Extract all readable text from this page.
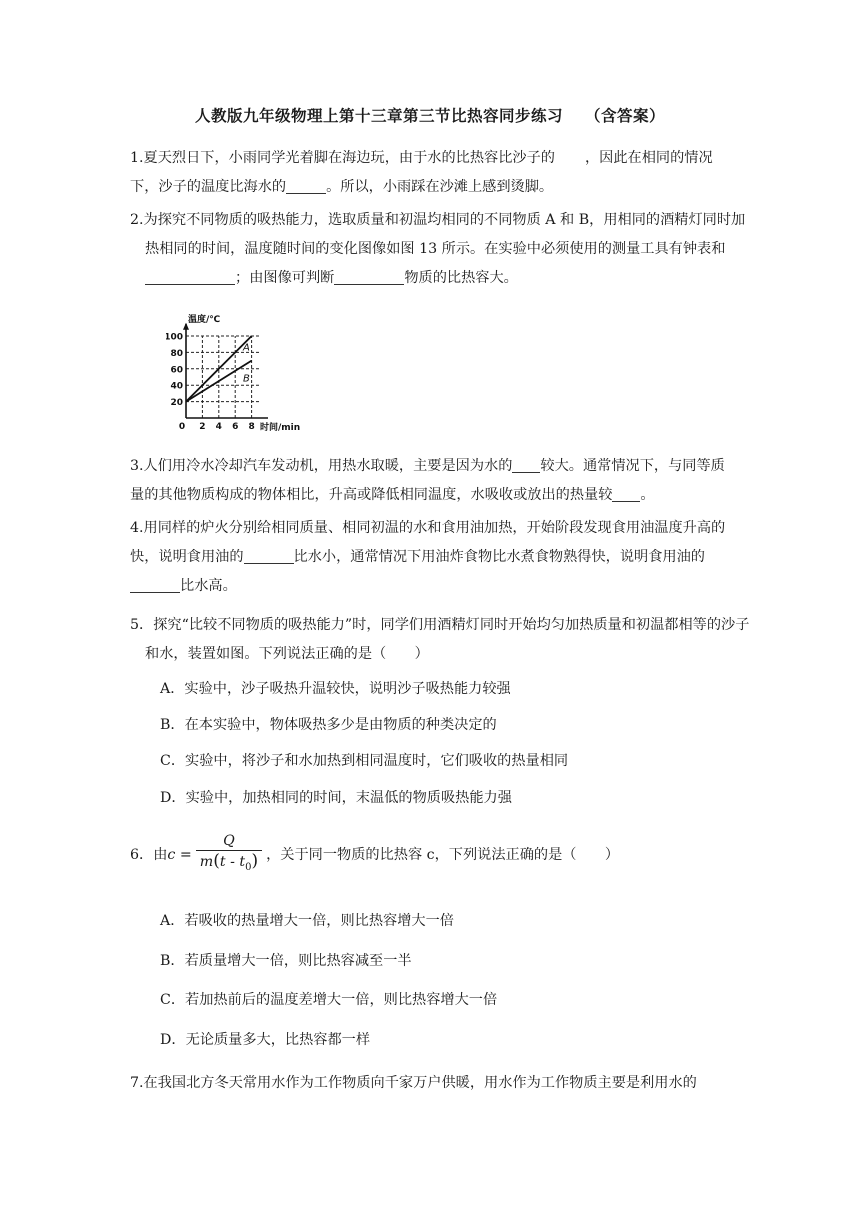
人教版九年级物理上第十三章第三节比热容同步练习　 （含答案）
1.夏天烈日下，小雨同学光着脚在海边玩，由于水的比热容比沙子的 ，因此在相同的情况下，沙子的温度比海水的	。所以，小雨踩在沙滩上感到烫脚。
2.为探究不同物质的吸热能力，选取质量和初温均相同的不同物质 A 和 B，用相同的酒精灯同时加热相同的时间，温度随时间的变化图像如图 13 所示。在实验中必须使用的测量工具有钟表和；由图像可判断	物质的比热容大。
20
40
60
80
100
0 2 4 6 8
温度/℃
时间/min
A
B
3.人们用冷水冷却汽车发动机，用热水取暖，主要是因为水的 较大。通常情况下，与同等质量的其他物质构成的物体相比，升高或降低相同温度，水吸收或放出的热量较 。
4.用同样的炉火分别给相同质量、相同初温的水和食用油加热，开始阶段发现食用油温度升高的快，说明食用油的	比水小，通常情况下用油炸食物比水煮食物熟得快，说明食用油的比水高。
5．探究“比较不同物质的吸热能力”时，同学们用酒精灯同时开始均匀加热质量和初温都相等的沙子和水，装置如图。下列说法正确的是（　　）
A．实验中，沙子吸热升温较快，说明沙子吸热能力较强
B．在本实验中，物体吸热多少是由物质的种类决定的
C．实验中，将沙子和水加热到相同温度时，它们吸收的热量相同
D．实验中，加热相同的时间，末温低的物质吸热能力强
6．由$c = \frac{Q}{m(t - t_0)}$ ，关于同一物质的比热容 c，下列说法正确的是（　　）
A．若吸收的热量增大一倍，则比热容增大一倍
B．若质量增大一倍，则比热容减至一半
C．若加热前后的温度差增大一倍，则比热容增大一倍
D．无论质量多大，比热容都一样
7.在我国北方冬天常用水作为工作物质向千家万户供暖，用水作为工作物质主要是利用水的
